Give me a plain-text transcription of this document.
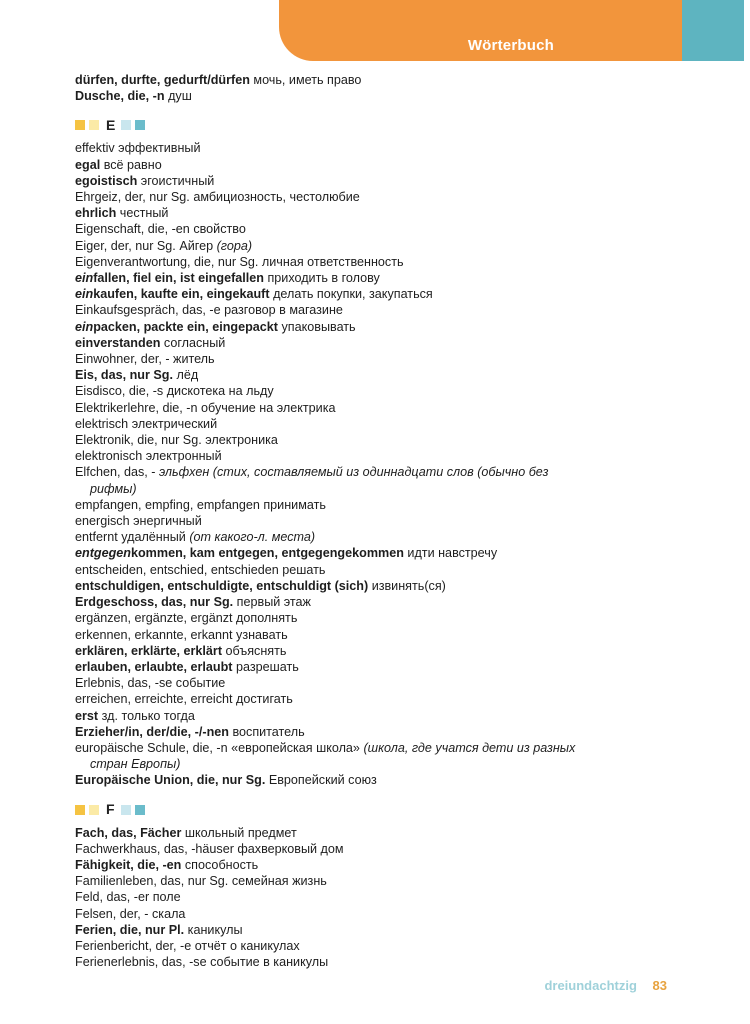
Wörterbuch
dürfen, durfte, gedurft/dürfen мочь, иметь право
Dusche, die, -n душ
E
effektiv эффективный
egal всё равно
egoistisch эгоистичный
Ehrgeiz, der, nur Sg. амбициозность, честолюбие
ehrlich честный
Eigenschaft, die, -en свойство
Eiger, der, nur Sg. Айгер (гора)
Eigenverantwortung, die, nur Sg. личная ответственность
einfallen, fiel ein, ist eingefallen приходить в голову
einkaufen, kaufte ein, eingekauft делать покупки, закупаться
Einkaufsgespräch, das, -e разговор в магазине
einpacken, packte ein, eingepackt упаковывать
einverstanden согласный
Einwohner, der, - житель
Eis, das, nur Sg. лёд
Eisdisco, die, -s дискотека на льду
Elektrikerlehre, die, -n обучение на электрика
elektrisch электрический
Elektronik, die, nur Sg. электроника
elektronisch электронный
Elfchen, das, - эльфхен (стих, составляемый из одиннадцати слов (обычно без
рифмы)
empfangen, empfing, empfangen принимать
energisch энергичный
entfernt удалённый (от какого-л. места)
entgegenkommen, kam entgegen, entgegengekommen идти навстречу
entscheiden, entschied, entschieden решать
entschuldigen, entschuldigte, entschuldigt (sich) извинять(ся)
Erdgeschoss, das, nur Sg. первый этаж
ergänzen, ergänzte, ergänzt дополнять
erkennen, erkannte, erkannt узнавать
erklären, erklärte, erklärt объяснять
erlauben, erlaubte, erlaubt разрешать
Erlebnis, das, -se событие
erreichen, erreichte, erreicht достигать
erst зд. только тогда
Erzieher/in, der/die, -/-nen воспитатель
europäische Schule, die, -n «европейская школа» (школа, где учатся дети из разных
стран Европы)
Europäische Union, die, nur Sg. Европейский союз
F
Fach, das, Fächer школьный предмет
Fachwerkhaus, das, -häuser фахверковый дом
Fähigkeit, die, -en способность
Familienleben, das, nur Sg. семейная жизнь
Feld, das, -er поле
Felsen, der, - скала
Ferien, die, nur Pl. каникулы
Ferienbericht, der, -e отчёт о каникулах
Ferienerlebnis, das, -se событие в каникулы
dreiundachtzig 83
